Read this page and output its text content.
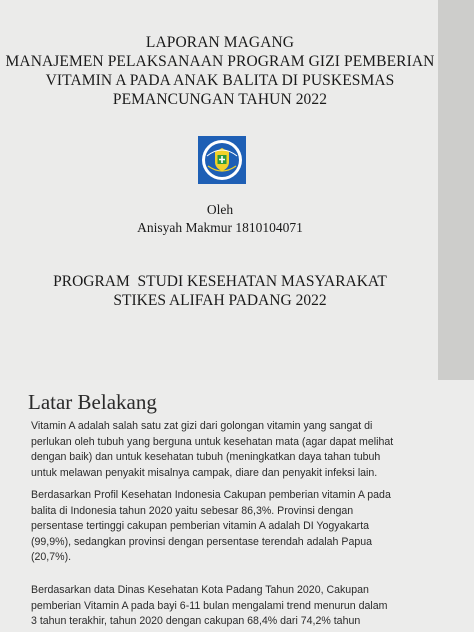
LAPORAN MAGANG
MANAJEMEN PELAKSANAAN PROGRAM GIZI PEMBERIAN
VITAMIN A PADA ANAK BALITA DI PUSKESMAS
PEMANCUNGAN TAHUN 2022
Oleh
Anisyah Makmur 1810104071
PROGRAM  STUDI KESEHATAN MASYARAKAT
STIKES ALIFAH PADANG 2022
Latar Belakang
Vitamin A adalah salah satu zat gizi dari golongan vitamin yang sangat di
perlukan oleh tubuh yang berguna untuk kesehatan mata (agar dapat melihat
dengan baik) dan untuk kesehatan tubuh (meningkatkan daya tahan tubuh
untuk melawan penyakit misalnya campak, diare dan penyakit infeksi lain.
Berdasarkan Profil Kesehatan Indonesia Cakupan pemberian vitamin A pada
balita di Indonesia tahun 2020 yaitu sebesar 86,3%. Provinsi dengan
persentase tertinggi cakupan pemberian vitamin A adalah DI Yogyakarta
(99,9%), sedangkan provinsi dengan persentase terendah adalah Papua
(20,7%).
Berdasarkan data Dinas Kesehatan Kota Padang Tahun 2020, Cakupan
pemberian Vitamin A pada bayi 6-11 bulan mengalami trend menurun dalam
3 tahun terakhir, tahun 2020 dengan cakupan 68,4% dari 74,2% tahun
